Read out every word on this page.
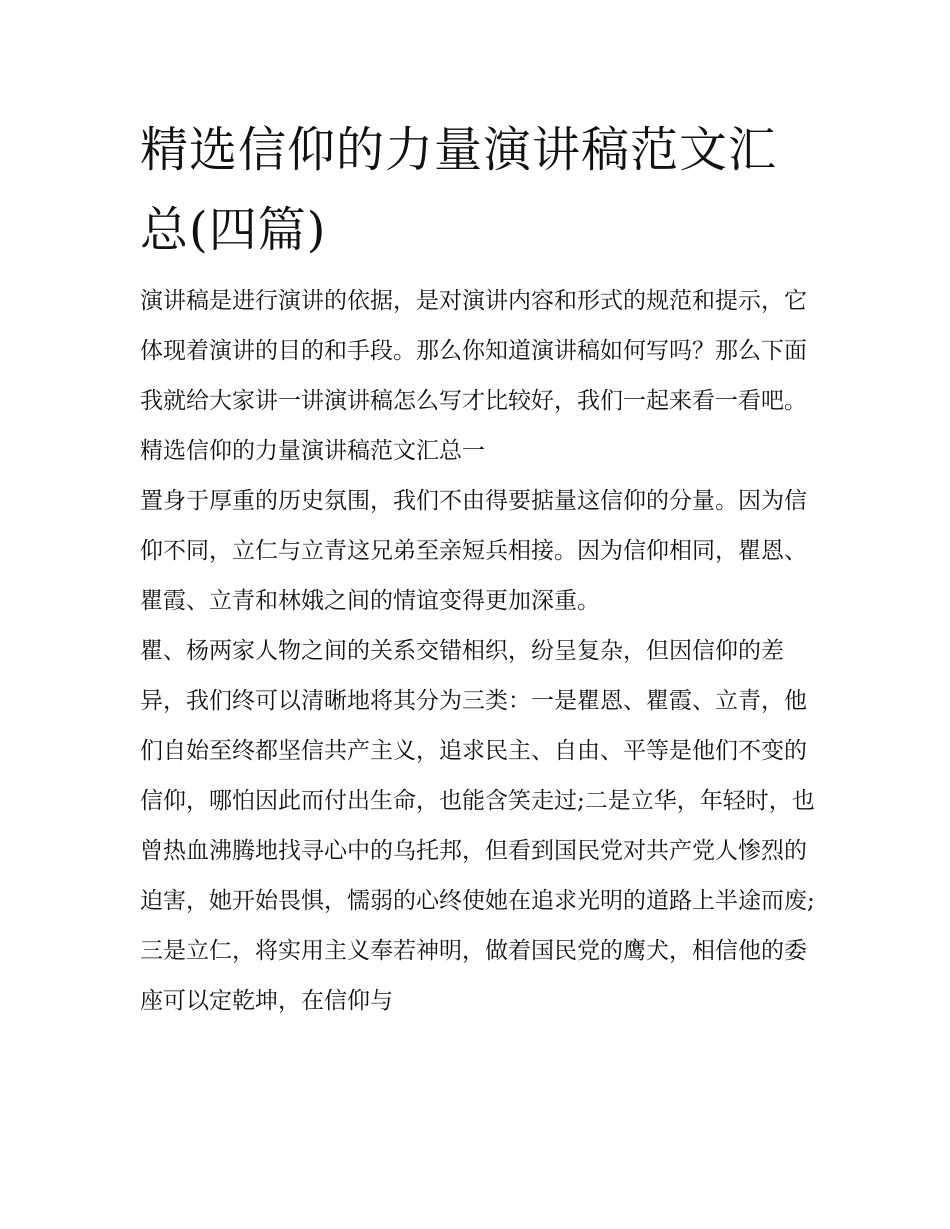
精选信仰的力量演讲稿范文汇总(四篇)

演讲稿是进行演讲的依据，是对演讲内容和形式的规范和提示，它体现着演讲的目的和手段。那么你知道演讲稿如何写吗？那么下面我就给大家讲一讲演讲稿怎么写才比较好，我们一起来看一看吧。

精选信仰的力量演讲稿范文汇总一

置身于厚重的历史氛围，我们不由得要掂量这信仰的分量。因为信仰不同，立仁与立青这兄弟至亲短兵相接。因为信仰相同，瞿恩、瞿霞、立青和林娥之间的情谊变得更加深重。

瞿、杨两家人物之间的关系交错相织，纷呈复杂，但因信仰的差异，我们终可以清晰地将其分为三类：一是瞿恩、瞿霞、立青，他们自始至终都坚信共产主义，追求民主、自由、平等是他们不变的信仰，哪怕因此而付出生命，也能含笑走过;二是立华，年轻时，也曾热血沸腾地找寻心中的乌托邦，但看到国民党对共产党人惨烈的迫害，她开始畏惧，懦弱的心终使她在追求光明的道路上半途而废;三是立仁，将实用主义奉若神明，做着国民党的鹰犬，相信他的委座可以定乾坤，在信仰与
